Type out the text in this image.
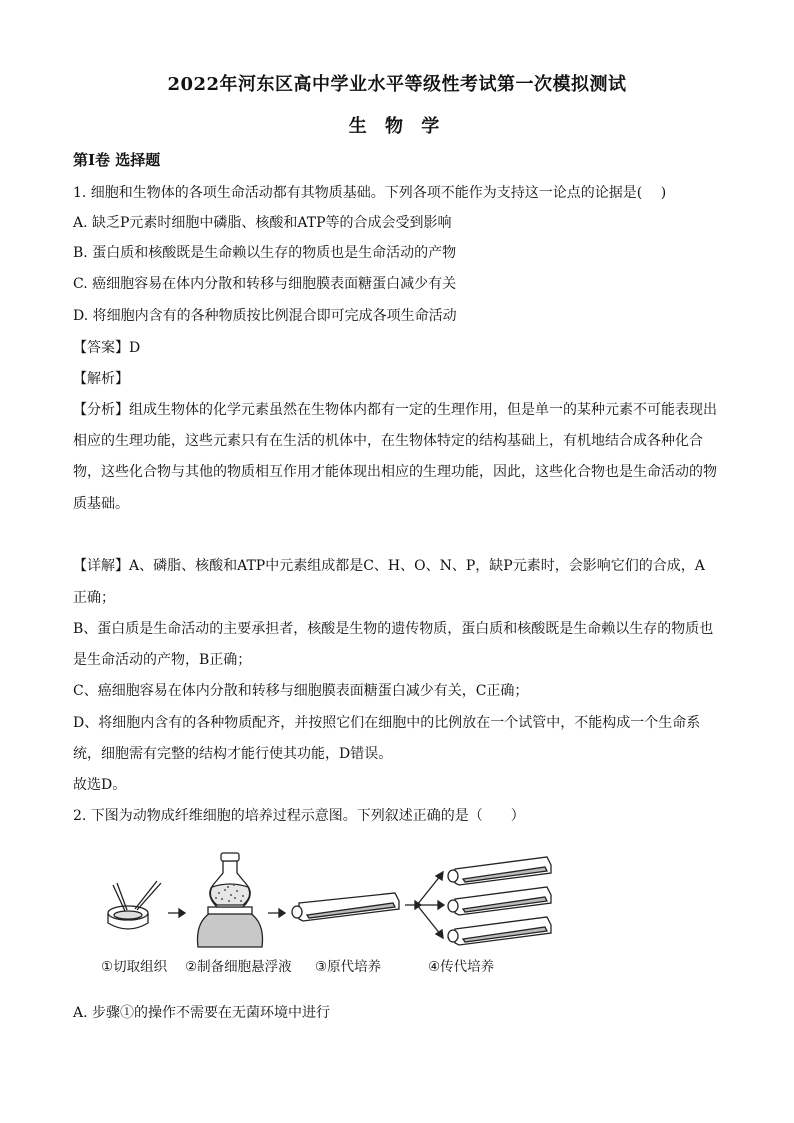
2022年河东区高中学业水平等级性考试第一次模拟测试
生 物 学
第Ⅰ卷 选择题
1. 细胞和生物体的各项生命活动都有其物质基础。下列各项不能作为支持这一论点的论据是(　 )
A. 缺乏P元素时细胞中磷脂、核酸和ATP等的合成会受到影响
B. 蛋白质和核酸既是生命赖以生存的物质也是生命活动的产物
C. 癌细胞容易在体内分散和转移与细胞膜表面糖蛋白减少有关
D. 将细胞内含有的各种物质按比例混合即可完成各项生命活动
【答案】D
【解析】
【分析】组成生物体的化学元素虽然在生物体内都有一定的生理作用，但是单一的某种元素不可能表现出
相应的生理功能，这些元素只有在生活的机体中，在生物体特定的结构基础上，有机地结合成各种化合
物，这些化合物与其他的物质相互作用才能体现出相应的生理功能，因此，这些化合物也是生命活动的物
质基础。
【详解】A、磷脂、核酸和ATP中元素组成都是C、H、O、N、P，缺P元素时，会影响它们的合成，A
正确；
B、蛋白质是生命活动的主要承担者，核酸是生物的遗传物质，蛋白质和核酸既是生命赖以生存的物质也
是生命活动的产物，B正确；
C、癌细胞容易在体内分散和转移与细胞膜表面糖蛋白减少有关，C正确；
D、将细胞内含有的各种物质配齐，并按照它们在细胞中的比例放在一个试管中，不能构成一个生命系
统，细胞需有完整的结构才能行使其功能，D错误。
故选D。
2. 下图为动物成纤维细胞的培养过程示意图。下列叙述正确的是（　　）
①切取组织 ②制备细胞悬浮液 ③原代培养	④传代培养
A. 步骤①的操作不需要在无菌环境中进行
